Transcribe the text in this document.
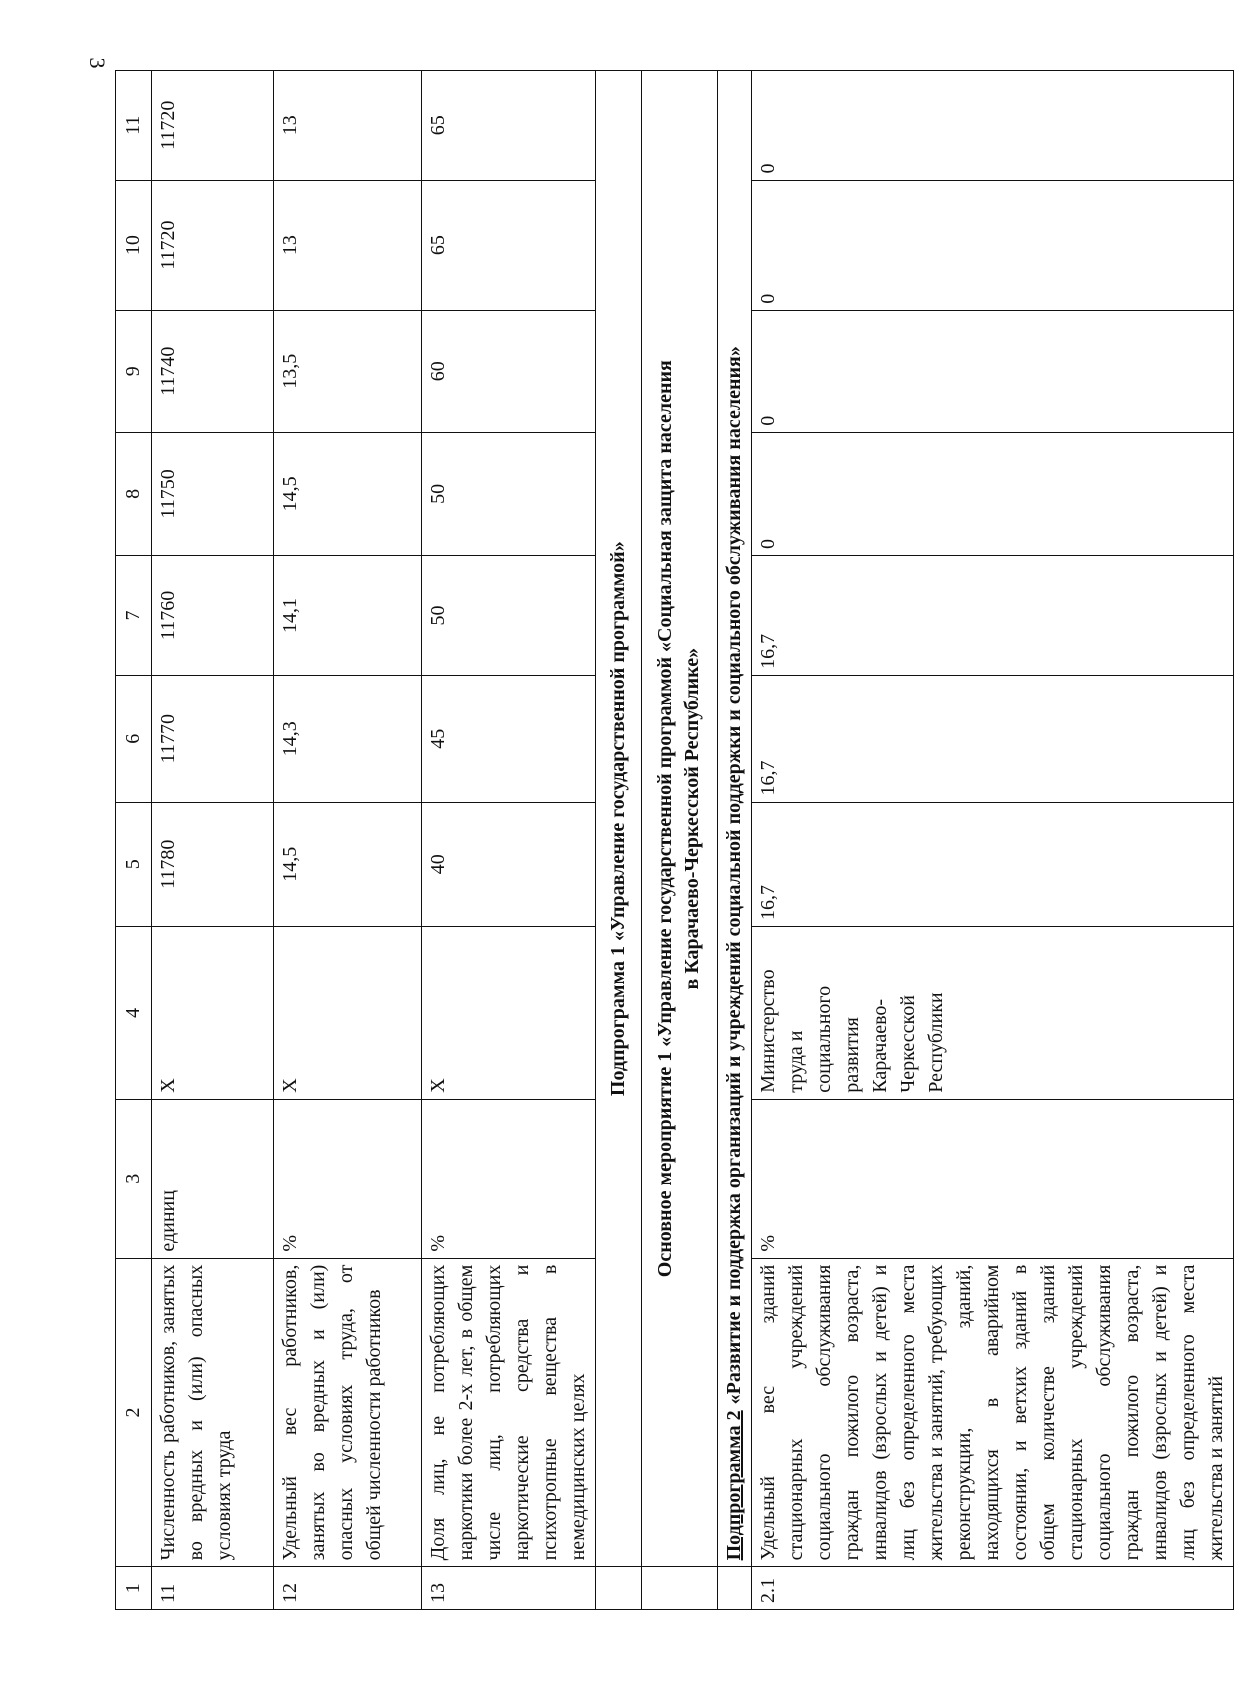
3
1	2	3	4	5	6	7	8	9	10	11
11	Численность работников, занятых во вредных и (или) опасных условиях труда	единиц	Х	11780	11770	11760	11750	11740	11720	11720
12	Удельный вес работников, занятых во вредных и (или) опасных условиях труда, от общей численности работников	%	Х	14,5	14,3	14,1	14,5	13,5	13	13
13	Доля лиц, не потребляющих наркотики более 2-х лет, в общем числе лиц, потребляющих наркотические средства и психотропные вещества в немедицинских целях	%	Х	40	45	50	50	60	65	65
	Подпрограмма 1 «Управление государственной программой»									
	Основное мероприятие 1 «Управление государственной программой «Социальная защита населения в Карачаево-Черкесской Республике»									
	Подпрограмма 2 «Развитие и поддержка организаций и учреждений социальной поддержки и социального обслуживания населения»									
2.1	Удельный вес зданий стационарных учреждений социального обслуживания граждан пожилого возраста, инвалидов (взрослых и детей) и лиц без определенного места жительства и занятий, требующих реконструкции, зданий, находящихся в аварийном состоянии, и ветхих зданий в общем количестве зданий стационарных учреждений социального обслуживания граждан пожилого возраста, инвалидов (взрослых и детей) и лиц без определенного места жительства и занятий	%	Министерство труда и социального развития Карачаево-Черкесской Республики	16,7	16,7	16,7	0	0	0	0
